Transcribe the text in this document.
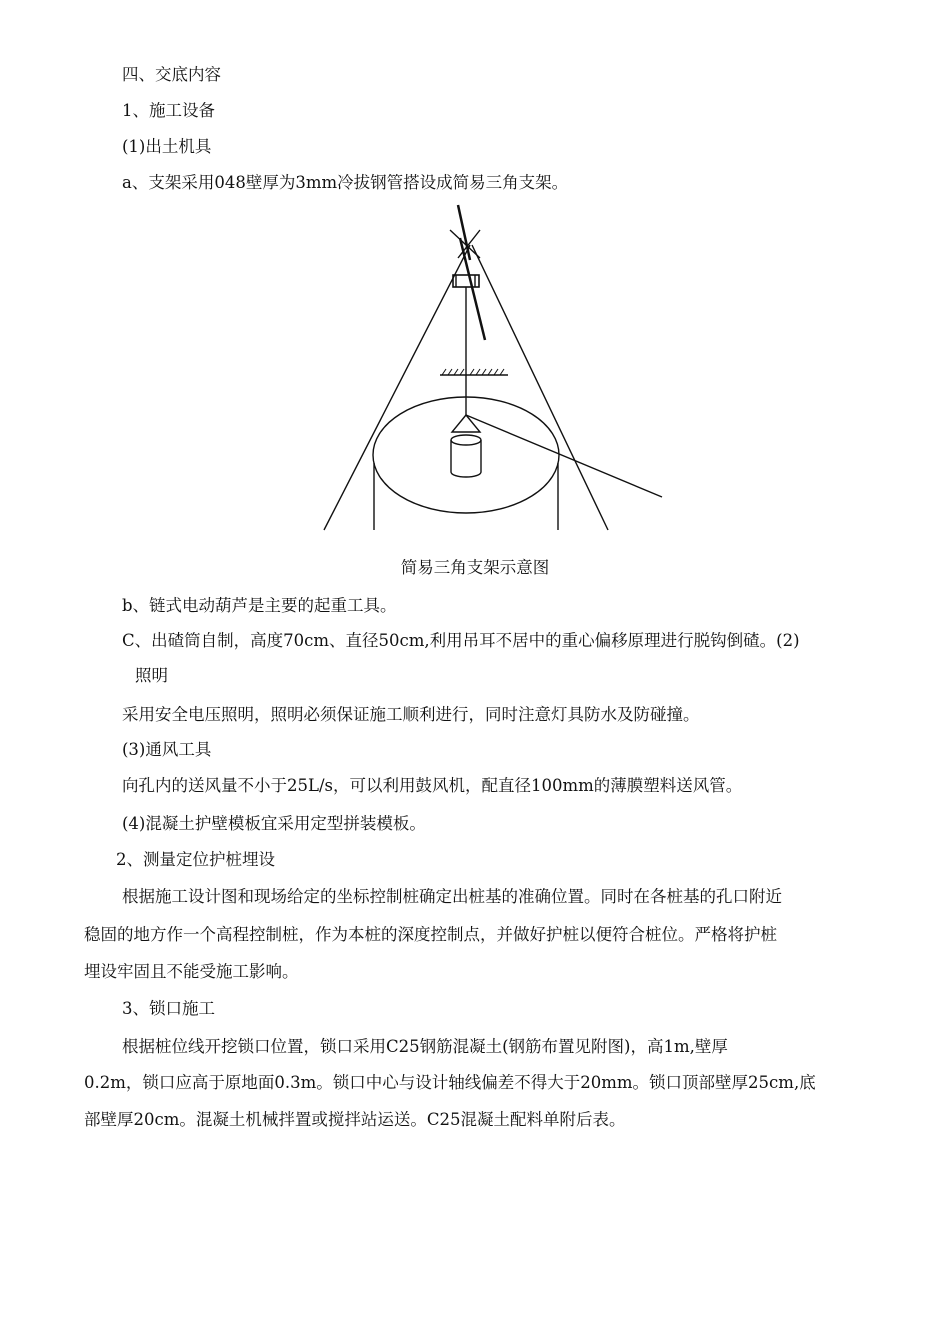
四、交底内容
1、施工设备
(1)出土机具
a、支架采用048壁厚为3mm冷拔钢管搭设成简易三角支架。
简易三角支架示意图
b、链式电动葫芦是主要的起重工具。
C、出碴筒自制，高度70cm、直径50cm,利用吊耳不居中的重心偏移原理进行脱钩倒碴。(2)
照明
采用安全电压照明，照明必须保证施工顺利进行，同时注意灯具防水及防碰撞。
(3)通风工具
向孔内的送风量不小于25L/s，可以利用鼓风机，配直径100mm的薄膜塑料送风管。
(4)混凝土护壁模板宜采用定型拼装模板。
2、测量定位护桩埋设
根据施工设计图和现场给定的坐标控制桩确定出桩基的准确位置。同时在各桩基的孔口附近
稳固的地方作一个高程控制桩，作为本桩的深度控制点，并做好护桩以便符合桩位。严格将护桩
埋设牢固且不能受施工影响。
3、锁口施工
根据桩位线开挖锁口位置，锁口采用C25钢筋混凝土(钢筋布置见附图)，高1m,壁厚
0.2m，锁口应高于原地面0.3m。锁口中心与设计轴线偏差不得大于20mm。锁口顶部壁厚25cm,底
部壁厚20cm。混凝土机械拌置或搅拌站运送。C25混凝土配料单附后表。
